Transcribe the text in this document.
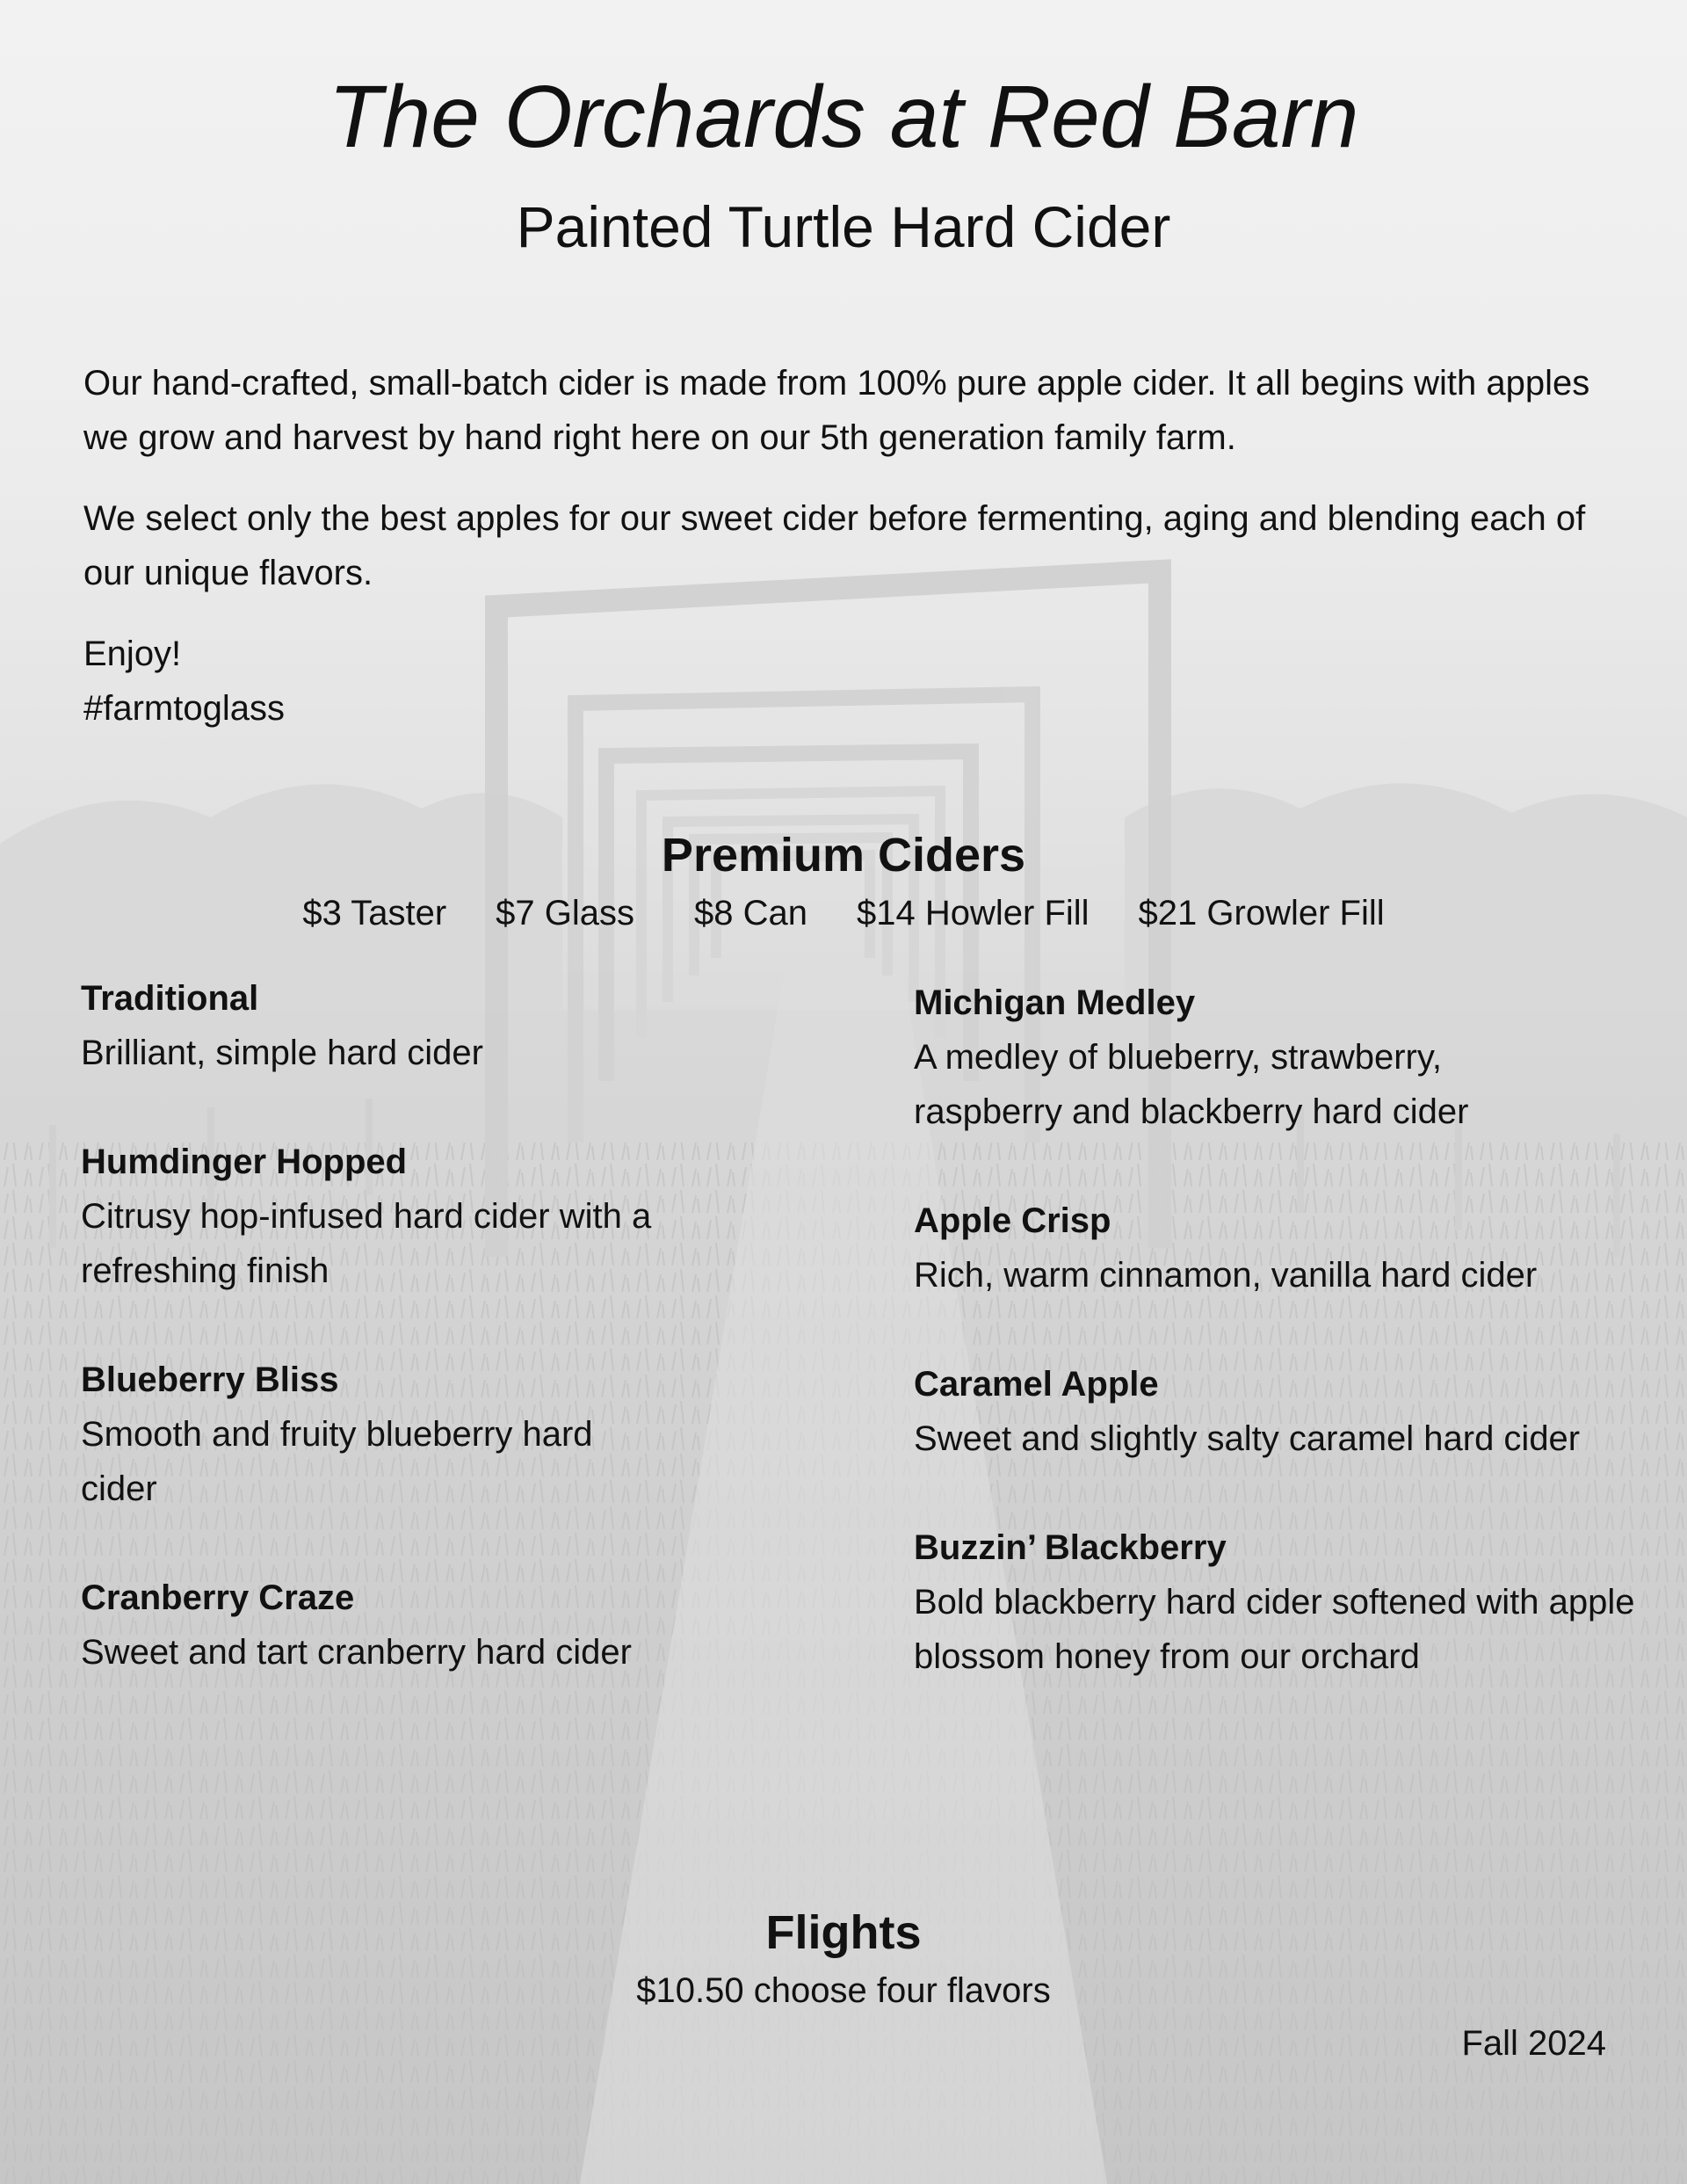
The Orchards at Red Barn
Painted Turtle Hard Cider

Our hand-crafted, small-batch cider is made from 100% pure apple cider. It all begins with apples we grow and harvest by hand right here on our 5th generation family farm.

We select only the best apples for our sweet cider before fermenting, aging and blending each of our unique flavors.

Enjoy!

#farmtoglass

Premium Ciders
$3 Taster $7 Glass $8 Can $14 Howler Fill $21 Growler Fill
Traditional
Brilliant, simple hard cider
Humdinger Hopped
Citrusy hop-infused hard cider with a refreshing finish
Blueberry Bliss
Smooth and fruity blueberry hard cider
Cranberry Craze
Sweet and tart cranberry hard cider
Michigan Medley
A medley of blueberry, strawberry, raspberry and blackberry hard cider
Apple Crisp
Rich, warm cinnamon, vanilla hard cider
Caramel Apple
Sweet and slightly salty caramel hard cider
Buzzin’ Blackberry
Bold blackberry hard cider softened with apple blossom honey from our orchard
Flights
$10.50 choose four flavors
Fall 2024
